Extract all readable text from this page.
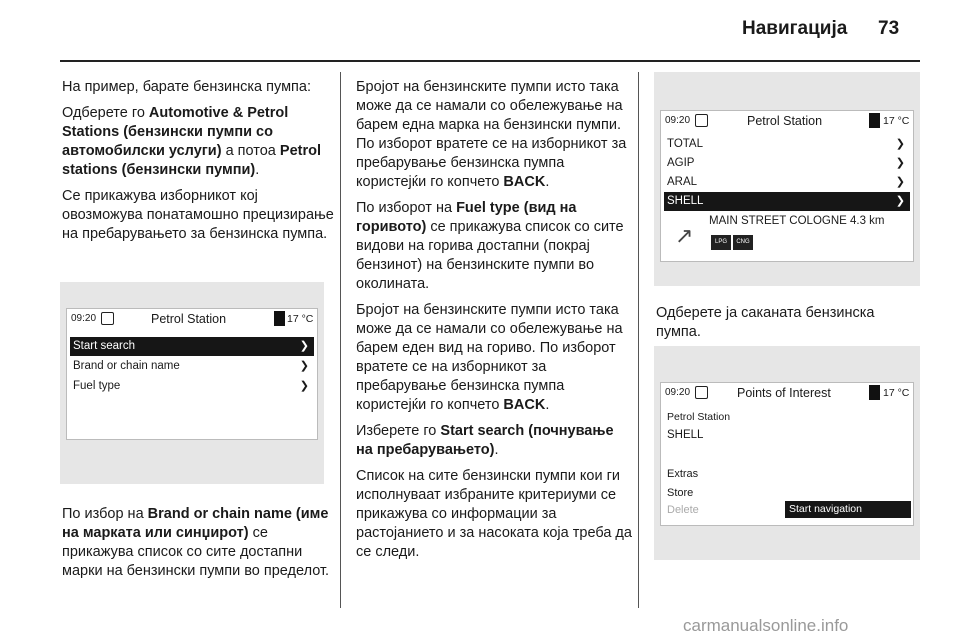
Навигација 73

На пример, барате бензинска пумпа:

Одберете го Automotive & Petrol Stations (бензински пумпи со автомобилски услуги) а потоа Petrol stations (бензински пумпи).

Се прикажува изборникот кој овозможува понатамошно прецизирање на пребарувањето за бензинска пумпа.

09:20	Petrol Station	17 °C
Start search	❯
Brand or chain name	❯
Fuel type	❯

По избор на Brand or chain name (име на марката или синџирот) се прикажува список со сите достапни марки на бензински пумпи во пределот.

Бројот на бензинските пумпи исто така може да се намали со обележување на барем една марка на бензински пумпи. По изборот вратете се на изборникот за пребарување бензинска пумпа користејќи го копчето BACK.

По изборот на Fuel type (вид на горивото) се прикажува список со сите видови на горива достапни (покрај бензинот) на бензинските пумпи во околината.

Бројот на бензинските пумпи исто така може да се намали со обележување на барем еден вид на гориво. По изборот вратете се на изборникот за пребарување бензинска пумпа користејќи го копчето BACK.

Изберете го Start search (почнување на пребарувањето).

Список на сите бензински пумпи кои ги исполнуваат избраните критериуми се прикажува со информации за растојанието и за насоката која треба да се следи.

09:20	Petrol Station	17 °C
TOTAL	❯
AGIP	❯
ARAL	❯
SHELL	❯
MAIN STREET COLOGNE 4.3 km
↗	LPG	CNG

Одберете ја саканата бензинска пумпа.

09:20	Points of Interest	17 °C
Petrol Station
SHELL
Extras
Store
Delete	Start navigation
carmanualsonline.info
